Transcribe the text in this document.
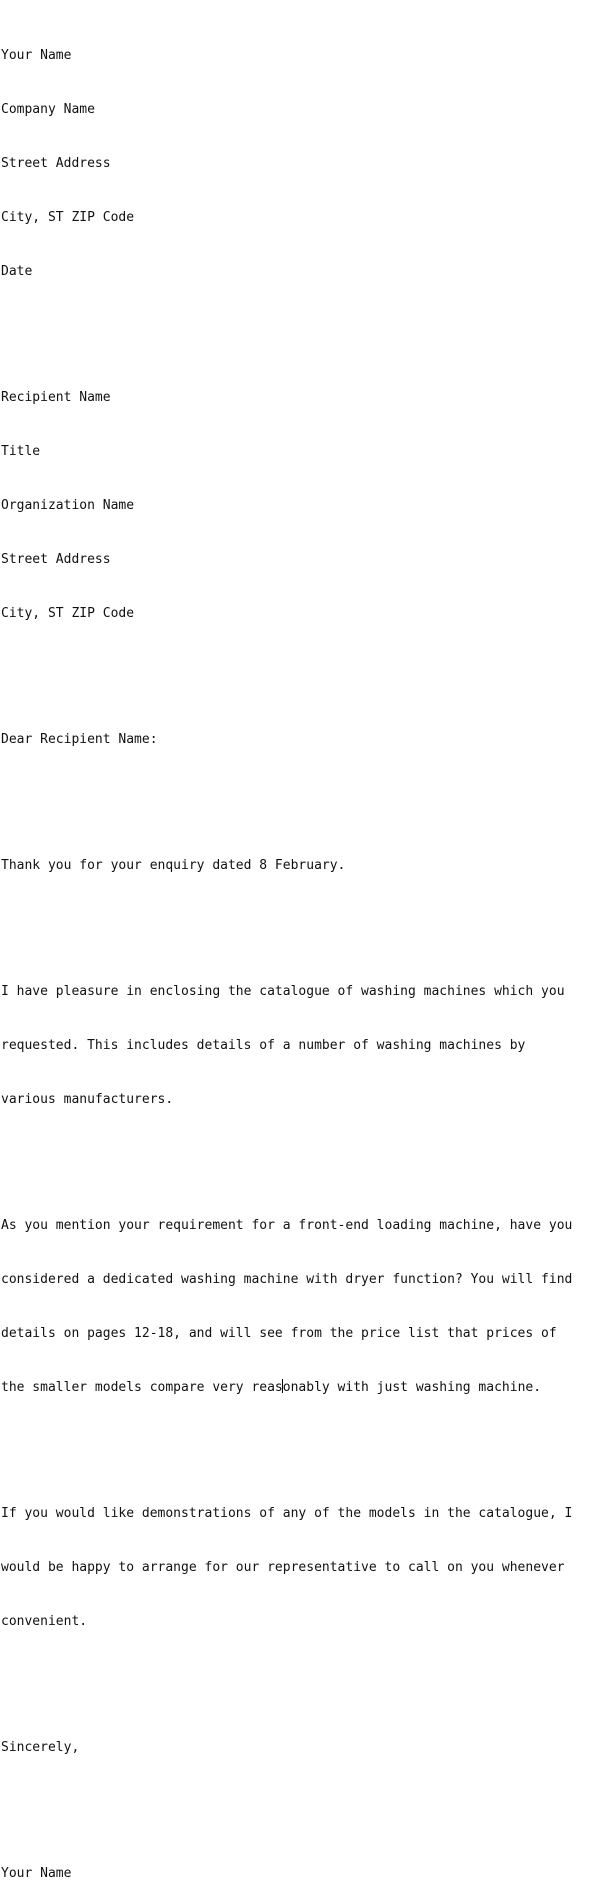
Your Name

Company Name

Street Address

City, ST ZIP Code

Date

Recipient Name

Title

Organization Name

Street Address

City, ST ZIP Code

Dear Recipient Name:

Thank you for your enquiry dated 8 February.

I have pleasure in enclosing the catalogue of washing machines which you

requested. This includes details of a number of washing machines by

various manufacturers.

As you mention your requirement for a front-end loading machine, have you

considered a dedicated washing machine with dryer function? You will find

details on pages 12-18, and will see from the price list that prices of

the smaller models compare very reasonably with just washing machine.

If you would like demonstrations of any of the models in the catalogue, I

would be happy to arrange for our representative to call on you whenever

convenient.

Sincerely,

Your Name
